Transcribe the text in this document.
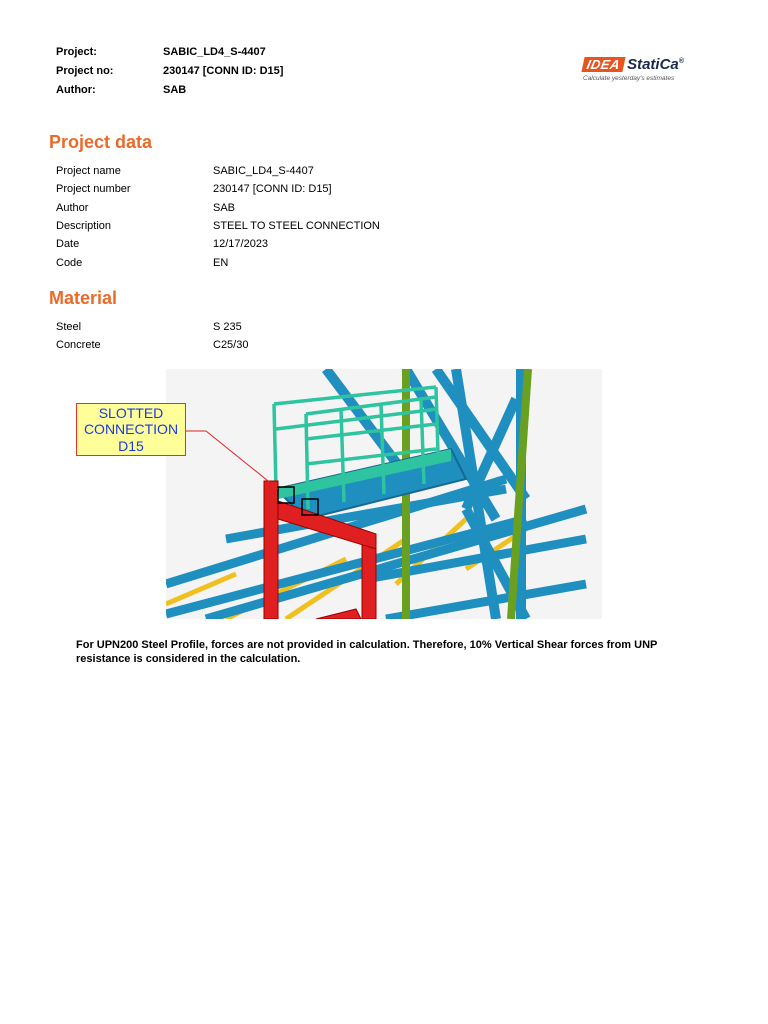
Project:	SABIC_LD4_S-4407
Project no:	230147 [CONN ID: D15]
Author:	SAB
IDEA StatiCa®
Calculate yesterday's estimates
Project data
Project name	SABIC_LD4_S-4407
Project number	230147 [CONN ID: D15]
Author	SAB
Description	STEEL TO STEEL CONNECTION
Date	12/17/2023
Code	EN
Material
Steel	S 235
Concrete	C25/30
SLOTTED
CONNECTION
D15
For UPN200 Steel Profile, forces are not provided in calculation. Therefore, 10% Vertical Shear forces from UNP resistance is considered in the calculation.
